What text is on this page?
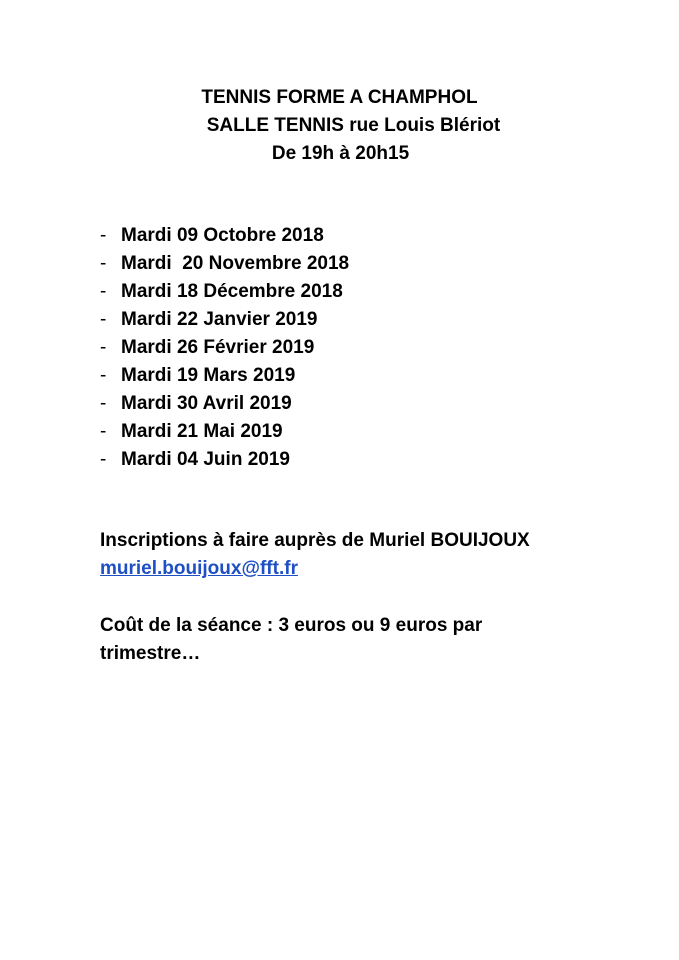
TENNIS FORME A CHAMPHOL
SALLE TENNIS rue Louis Blériot
De 19h à 20h15
- Mardi 09 Octobre 2018
- Mardi  20 Novembre 2018
- Mardi 18 Décembre 2018
- Mardi 22 Janvier 2019
- Mardi 26 Février 2019
- Mardi 19 Mars 2019
- Mardi 30 Avril 2019
- Mardi 21 Mai 2019
- Mardi 04 Juin 2019
Inscriptions à faire auprès de Muriel BOUIJOUX
muriel.bouijoux@fft.fr
Coût de la séance : 3 euros ou 9 euros par trimestre…
